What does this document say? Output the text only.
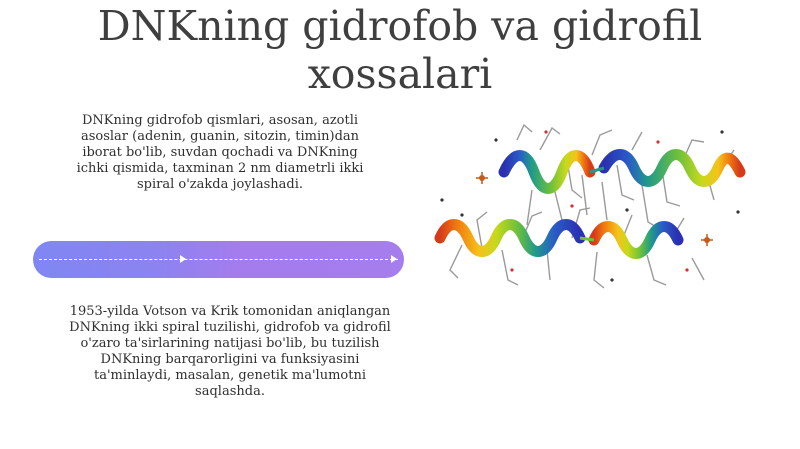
DNKning gidrofob va gidrofil xossalari
DNKning gidrofob qismlari, asosan, azotli asoslar (adenin, guanin, sitozin, timin)dan iborat bo'lib, suvdan qochadi va DNKning ichki qismida, taxminan 2 nm diametrli ikki spiral o'zakda joylashadi.
1953-yilda Votson va Krik tomonidan aniqlangan DNKning ikki spiral tuzilishi, gidrofob va gidrofil o'zaro ta'sirlarining natijasi bo'lib, bu tuzilish DNKning barqarorligini va funksiyasini ta'minlaydi, masalan, genetik ma'lumotni saqlashda.
